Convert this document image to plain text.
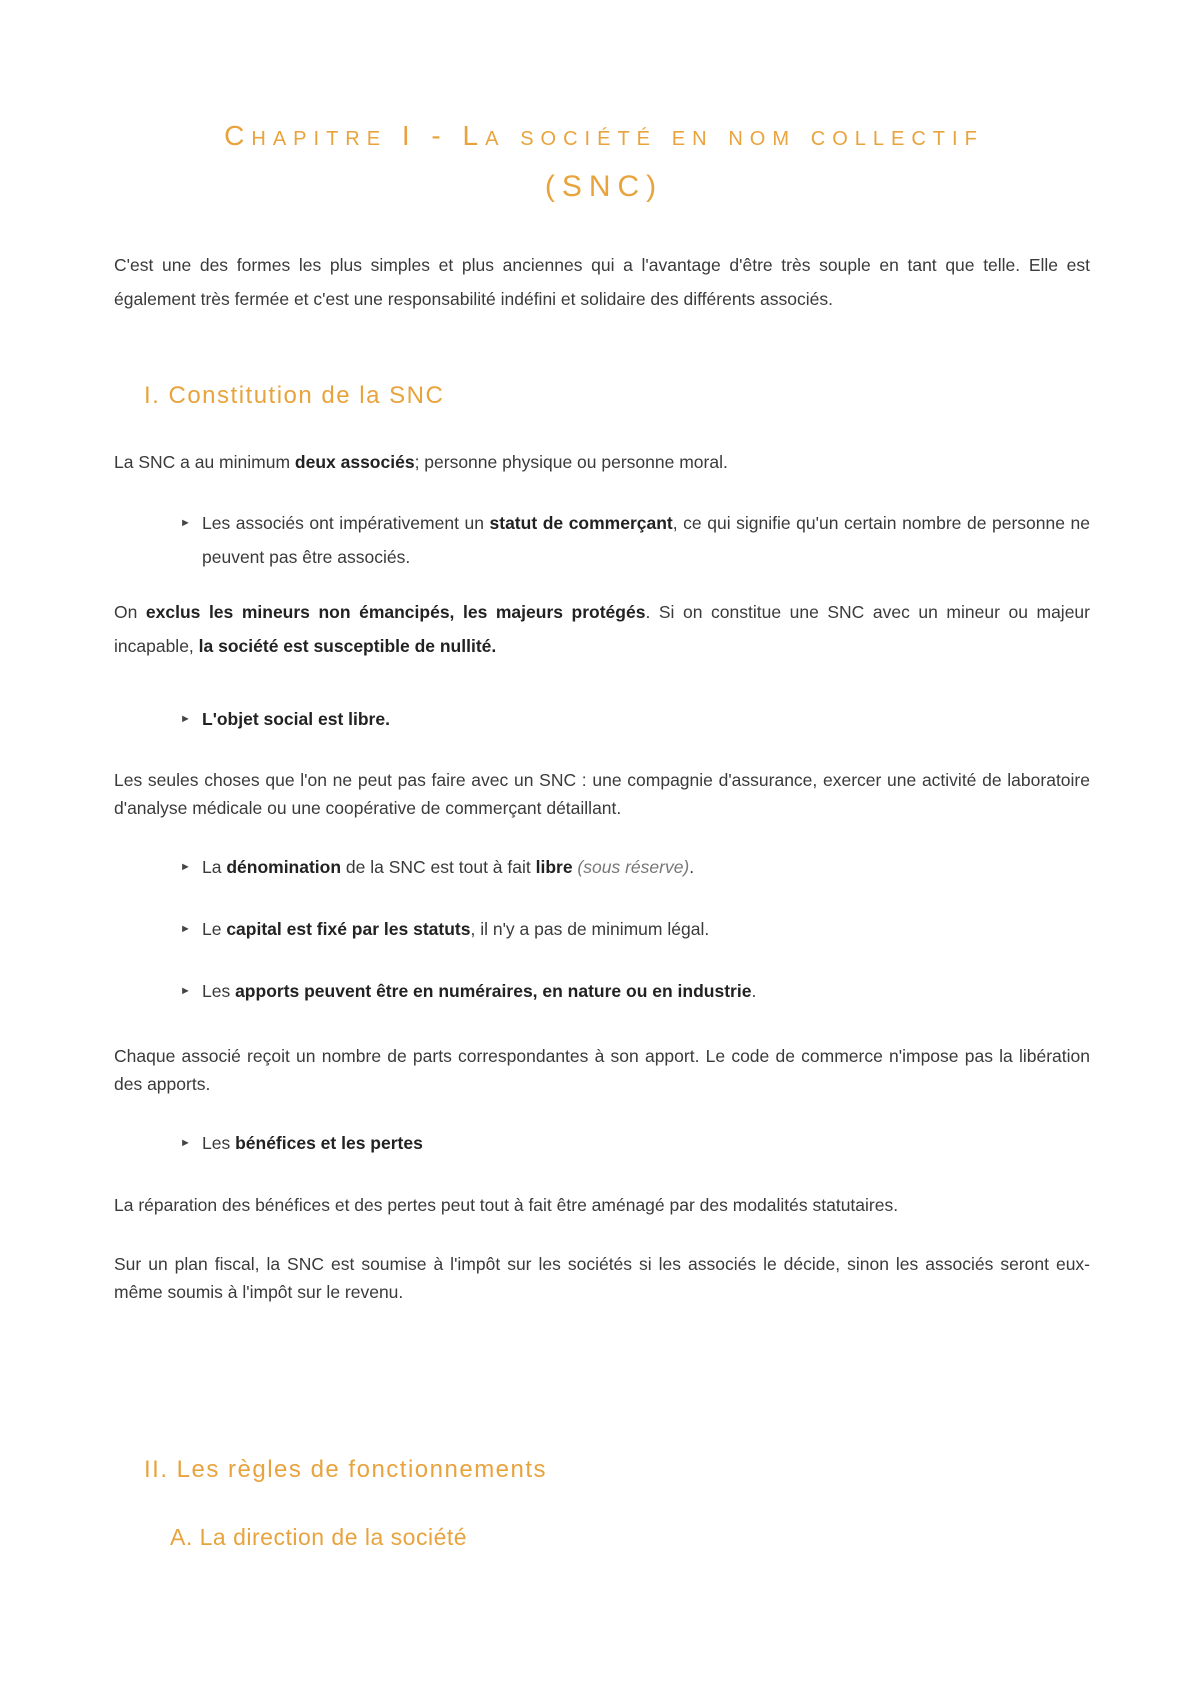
Chapitre I - La société en nom collectif
(SNC)

C'est une des formes les plus simples et plus anciennes qui a l'avantage d'être très souple en tant que telle. Elle est également très fermée et c'est une responsabilité indéfini et solidaire des différents associés.

I. Constitution de la SNC

La SNC a au minimum deux associés; personne physique ou personne moral.

► Les associés ont impérativement un statut de commerçant, ce qui signifie qu'un certain nombre de personne ne peuvent pas être associés.

On exclus les mineurs non émancipés, les majeurs protégés. Si on constitue une SNC avec un mineur ou majeur incapable, la société est susceptible de nullité.

► L'objet social est libre.

Les seules choses que l'on ne peut pas faire avec un SNC : une compagnie d'assurance, exercer une activité de laboratoire d'analyse médicale ou une coopérative de commerçant détaillant.

► La dénomination de la SNC est tout à fait libre (sous réserve).

► Le capital est fixé par les statuts, il n'y a pas de minimum légal.

► Les apports peuvent être en numéraires, en nature ou en industrie.

Chaque associé reçoit un nombre de parts correspondantes à son apport. Le code de commerce n'impose pas la libération des apports.

► Les bénéfices et les pertes

La réparation des bénéfices et des pertes peut tout à fait être aménagé par des modalités statutaires.

Sur un plan fiscal, la SNC est soumise à l'impôt sur les sociétés si les associés le décide, sinon les associés seront eux-même soumis à l'impôt sur le revenu.

II. Les règles de fonctionnements
A. La direction de la société
